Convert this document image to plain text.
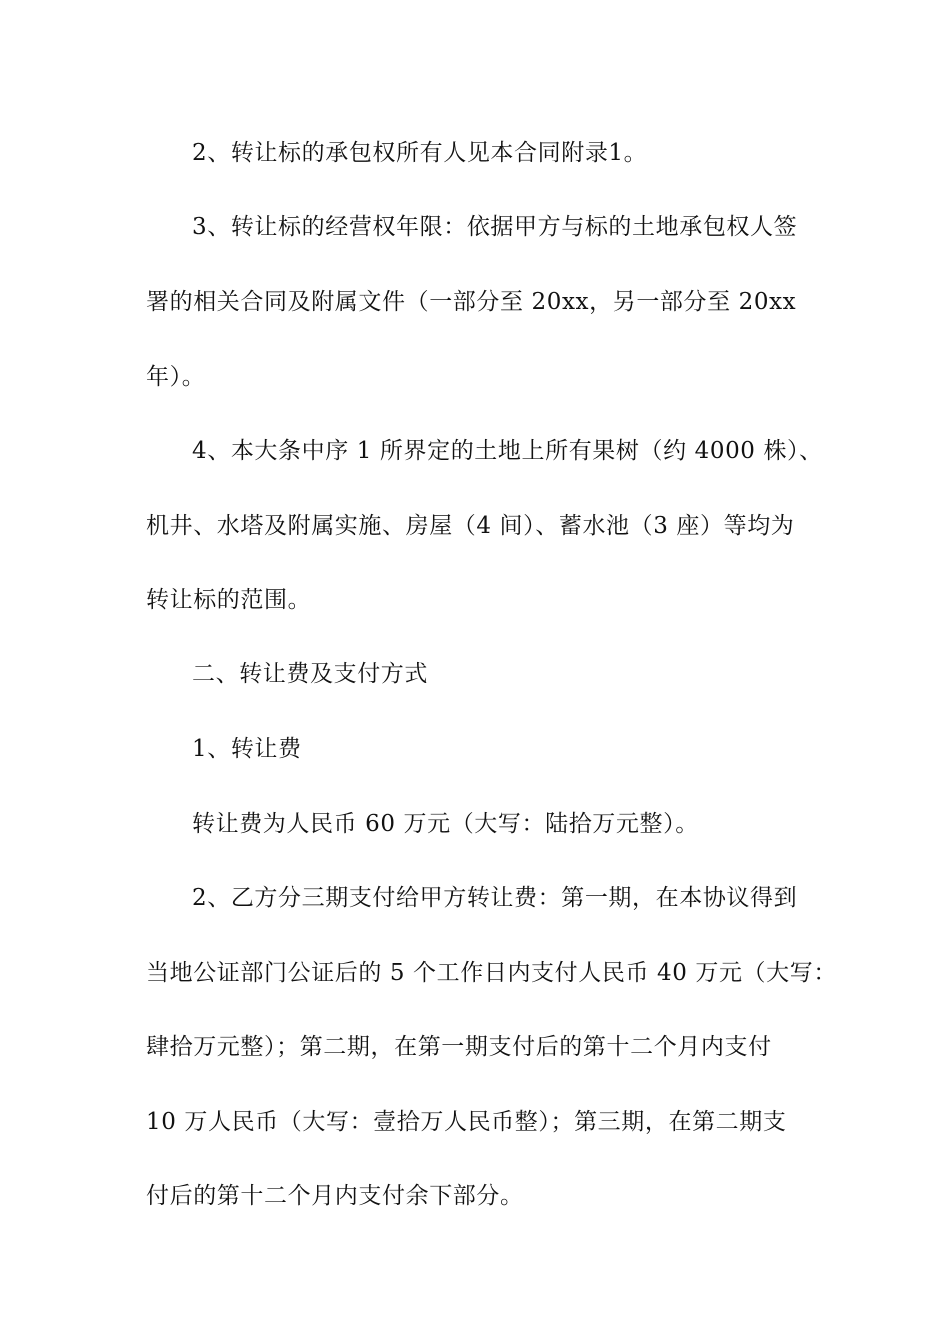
2、转让标的承包权所有人见本合同附录1。
3、转让标的经营权年限：依据甲方与标的土地承包权人签
署的相关合同及附属文件（一部分至 20xx，另一部分至 20xx
年）。
4、本大条中序 1 所界定的土地上所有果树（约 4000 株）、
机井、水塔及附属实施、房屋（4 间）、蓄水池（3 座）等均为
转让标的范围。
二、转让费及支付方式
1、转让费
转让费为人民币 60 万元（大写：陆拾万元整）。
2、乙方分三期支付给甲方转让费：第一期，在本协议得到
当地公证部门公证后的 5 个工作日内支付人民币 40 万元（大写：
肆拾万元整）；第二期，在第一期支付后的第十二个月内支付
10 万人民币（大写：壹拾万人民币整）；第三期，在第二期支
付后的第十二个月内支付余下部分。
